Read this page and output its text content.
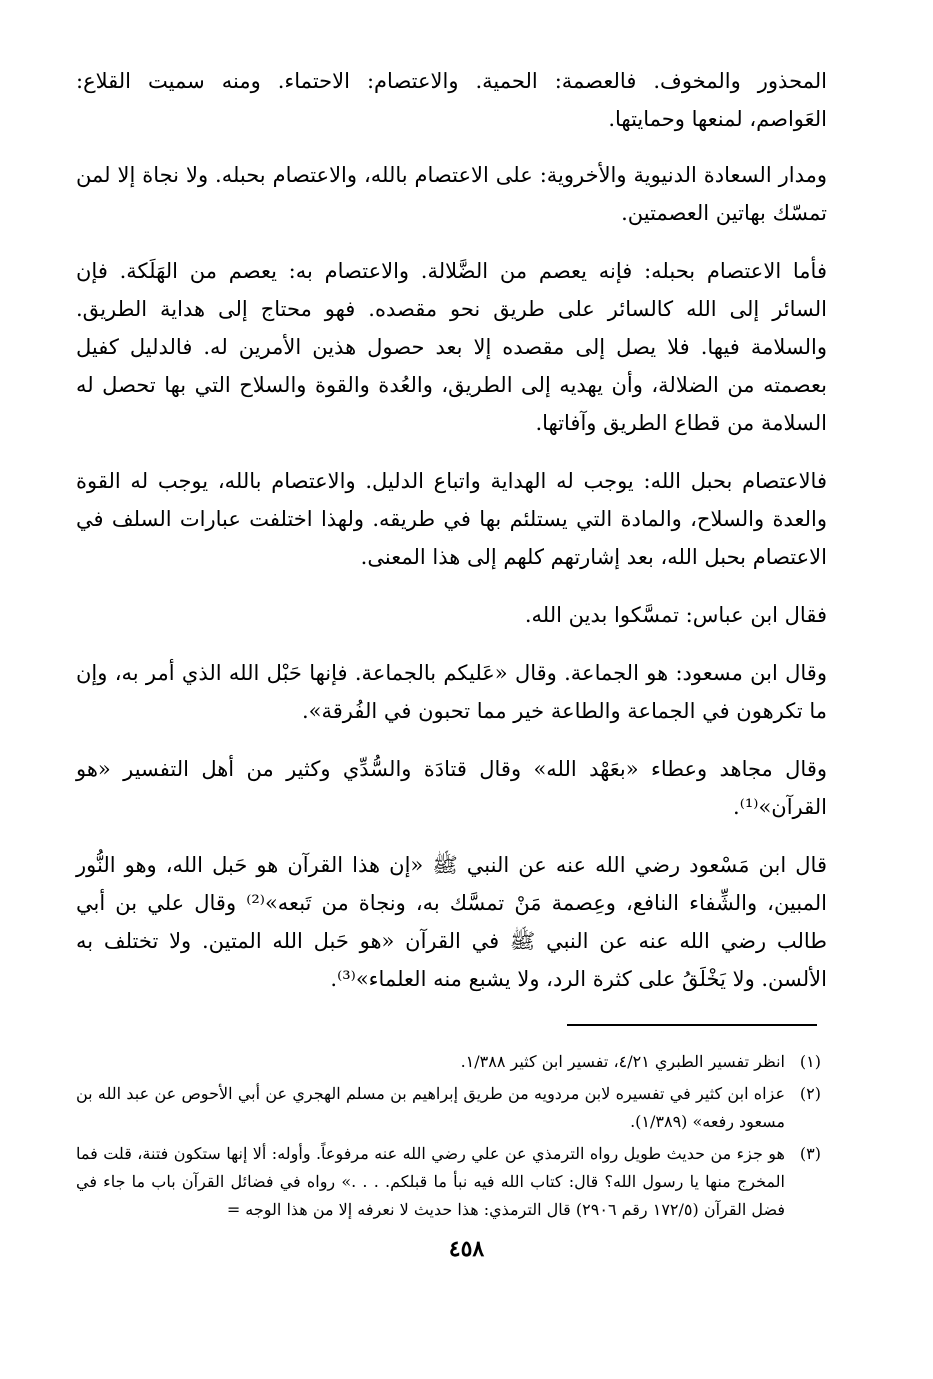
المحذور والمخوف. فالعصمة: الحمية. والاعتصام: الاحتماء. ومنه سميت القلاع: العَواصم، لمنعها وحمايتها.

ومدار السعادة الدنيوية والأخروية: على الاعتصام بالله، والاعتصام بحبله. ولا نجاة إلا لمن تمسّك بهاتين العصمتين.

فأما الاعتصام بحبله: فإنه يعصم من الضَّلالة. والاعتصام به: يعصم من الهَلَكة. فإن السائر إلى الله كالسائر على طريق نحو مقصده. فهو محتاج إلى هداية الطريق. والسلامة فيها. فلا يصل إلى مقصده إلا بعد حصول هذين الأمرين له. فالدليل كفيل بعصمته من الضلالة، وأن يهديه إلى الطريق، والعُدة والقوة والسلاح التي بها تحصل له السلامة من قطاع الطريق وآفاتها.

فالاعتصام بحبل الله: يوجب له الهداية واتباع الدليل. والاعتصام بالله، يوجب له القوة والعدة والسلاح، والمادة التي يستلئم بها في طريقه. ولهذا اختلفت عبارات السلف في الاعتصام بحبل الله، بعد إشارتهم كلهم إلى هذا المعنى.

فقال ابن عباس: تمسَّكوا بدين الله.

وقال ابن مسعود: هو الجماعة. وقال «عَليكم بالجماعة. فإنها حَبْل الله الذي أمر به، وإن ما تكرهون في الجماعة والطاعة خير مما تحبون في الفُرقة».

وقال مجاهد وعطاء «بعَهْد الله» وقال قتادَة والسُّدِّي وكثير من أهل التفسير «هو القرآن»⁽¹⁾.

قال ابن مَسْعود رضي الله عنه عن النبي ﷺ «إن هذا القرآن هو حَبل الله، وهو النُّور المبين، والشِّفاء النافع، وعِصمة مَنْ تمسَّك به، ونجاة من تَبعه»⁽²⁾ وقال علي بن أبي طالب رضي الله عنه عن النبي ﷺ في القرآن «هو حَبل الله المتين. ولا تختلف به الألسن. ولا يَخْلَقُ على كثرة الرد، ولا يشبع منه العلماء»⁽³⁾.

(١)
انظر تفسير الطبري ٤/٢١، تفسير ابن كثير ١/٣٨٨.
(٢)
عزاه ابن كثير في تفسيره لابن مردويه من طريق إبراهيم بن مسلم الهجري عن أبي الأحوص عن عبد الله بن مسعود رفعه» (١/٣٨٩).
(٣)
هو جزء من حديث طويل رواه الترمذي عن علي رضي الله عنه مرفوعاً. وأوله: ألا إنها ستكون فتنة، قلت فما المخرج منها يا رسول الله؟ قال: كتاب الله فيه نبأ ما قبلكم. . . .» رواه في فضائل القرآن باب ما جاء في فضل القرآن (١٧٢/٥ رقم ٢٩٠٦) قال الترمذي: هذا حديث لا نعرفه إلا من هذا الوجه =
٤٥٨
